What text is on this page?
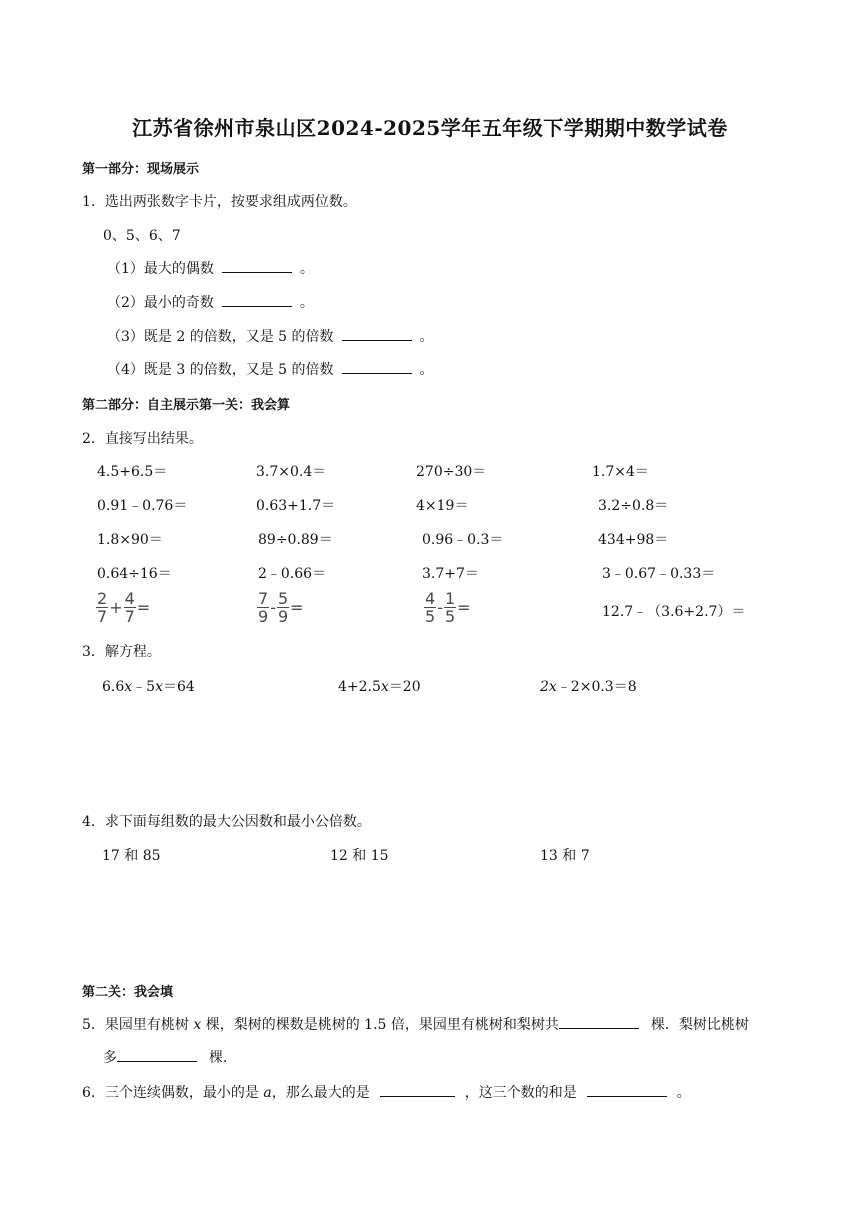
江苏省徐州市泉山区2024-2025学年五年级下学期期中数学试卷
第一部分：现场展示
1．选出两张数字卡片，按要求组成两位数。
0、5、6、7
（1）最大的偶数	。
（2）最小的奇数	。
（3）既是 2 的倍数，又是 5 的倍数	。
（4）既是 3 的倍数，又是 5 的倍数	。
第二部分：自主展示第一关：我会算
2．直接写出结果。
4.5+6.5＝	3.7×0.4＝	270÷30＝	1.7×4＝
0.91﹣0.76＝	0.63+1.7＝	4×19＝	3.2÷0.8＝
1.8×90＝	89÷0.89＝	0.96﹣0.3＝	434+98＝
0.64÷16＝	2﹣0.66＝	3.7+7＝	3﹣0.67﹣0.33＝
$\frac{2}{7} + \frac{4}{7}$ =	$\frac{7}{9} - \frac{5}{9}$ =	$\frac{4}{5} - \frac{1}{5}$ =	12.7﹣（3.6+2.7）＝
3．解方程。
6.6x﹣5x＝64	4+2.5x＝20	2x﹣2×0.3＝8
4．求下面每组数的最大公因数和最小公倍数。
17 和 85	12 和 15	13 和 7
第二关：我会填
5．果园里有桃树 x 棵，梨树的棵数是桃树的 1.5 倍，果园里有桃树和梨树共	棵．梨树比桃树
多	棵．
6．三个连续偶数，最小的是 a，那么最大的是	，这三个数的和是	。
